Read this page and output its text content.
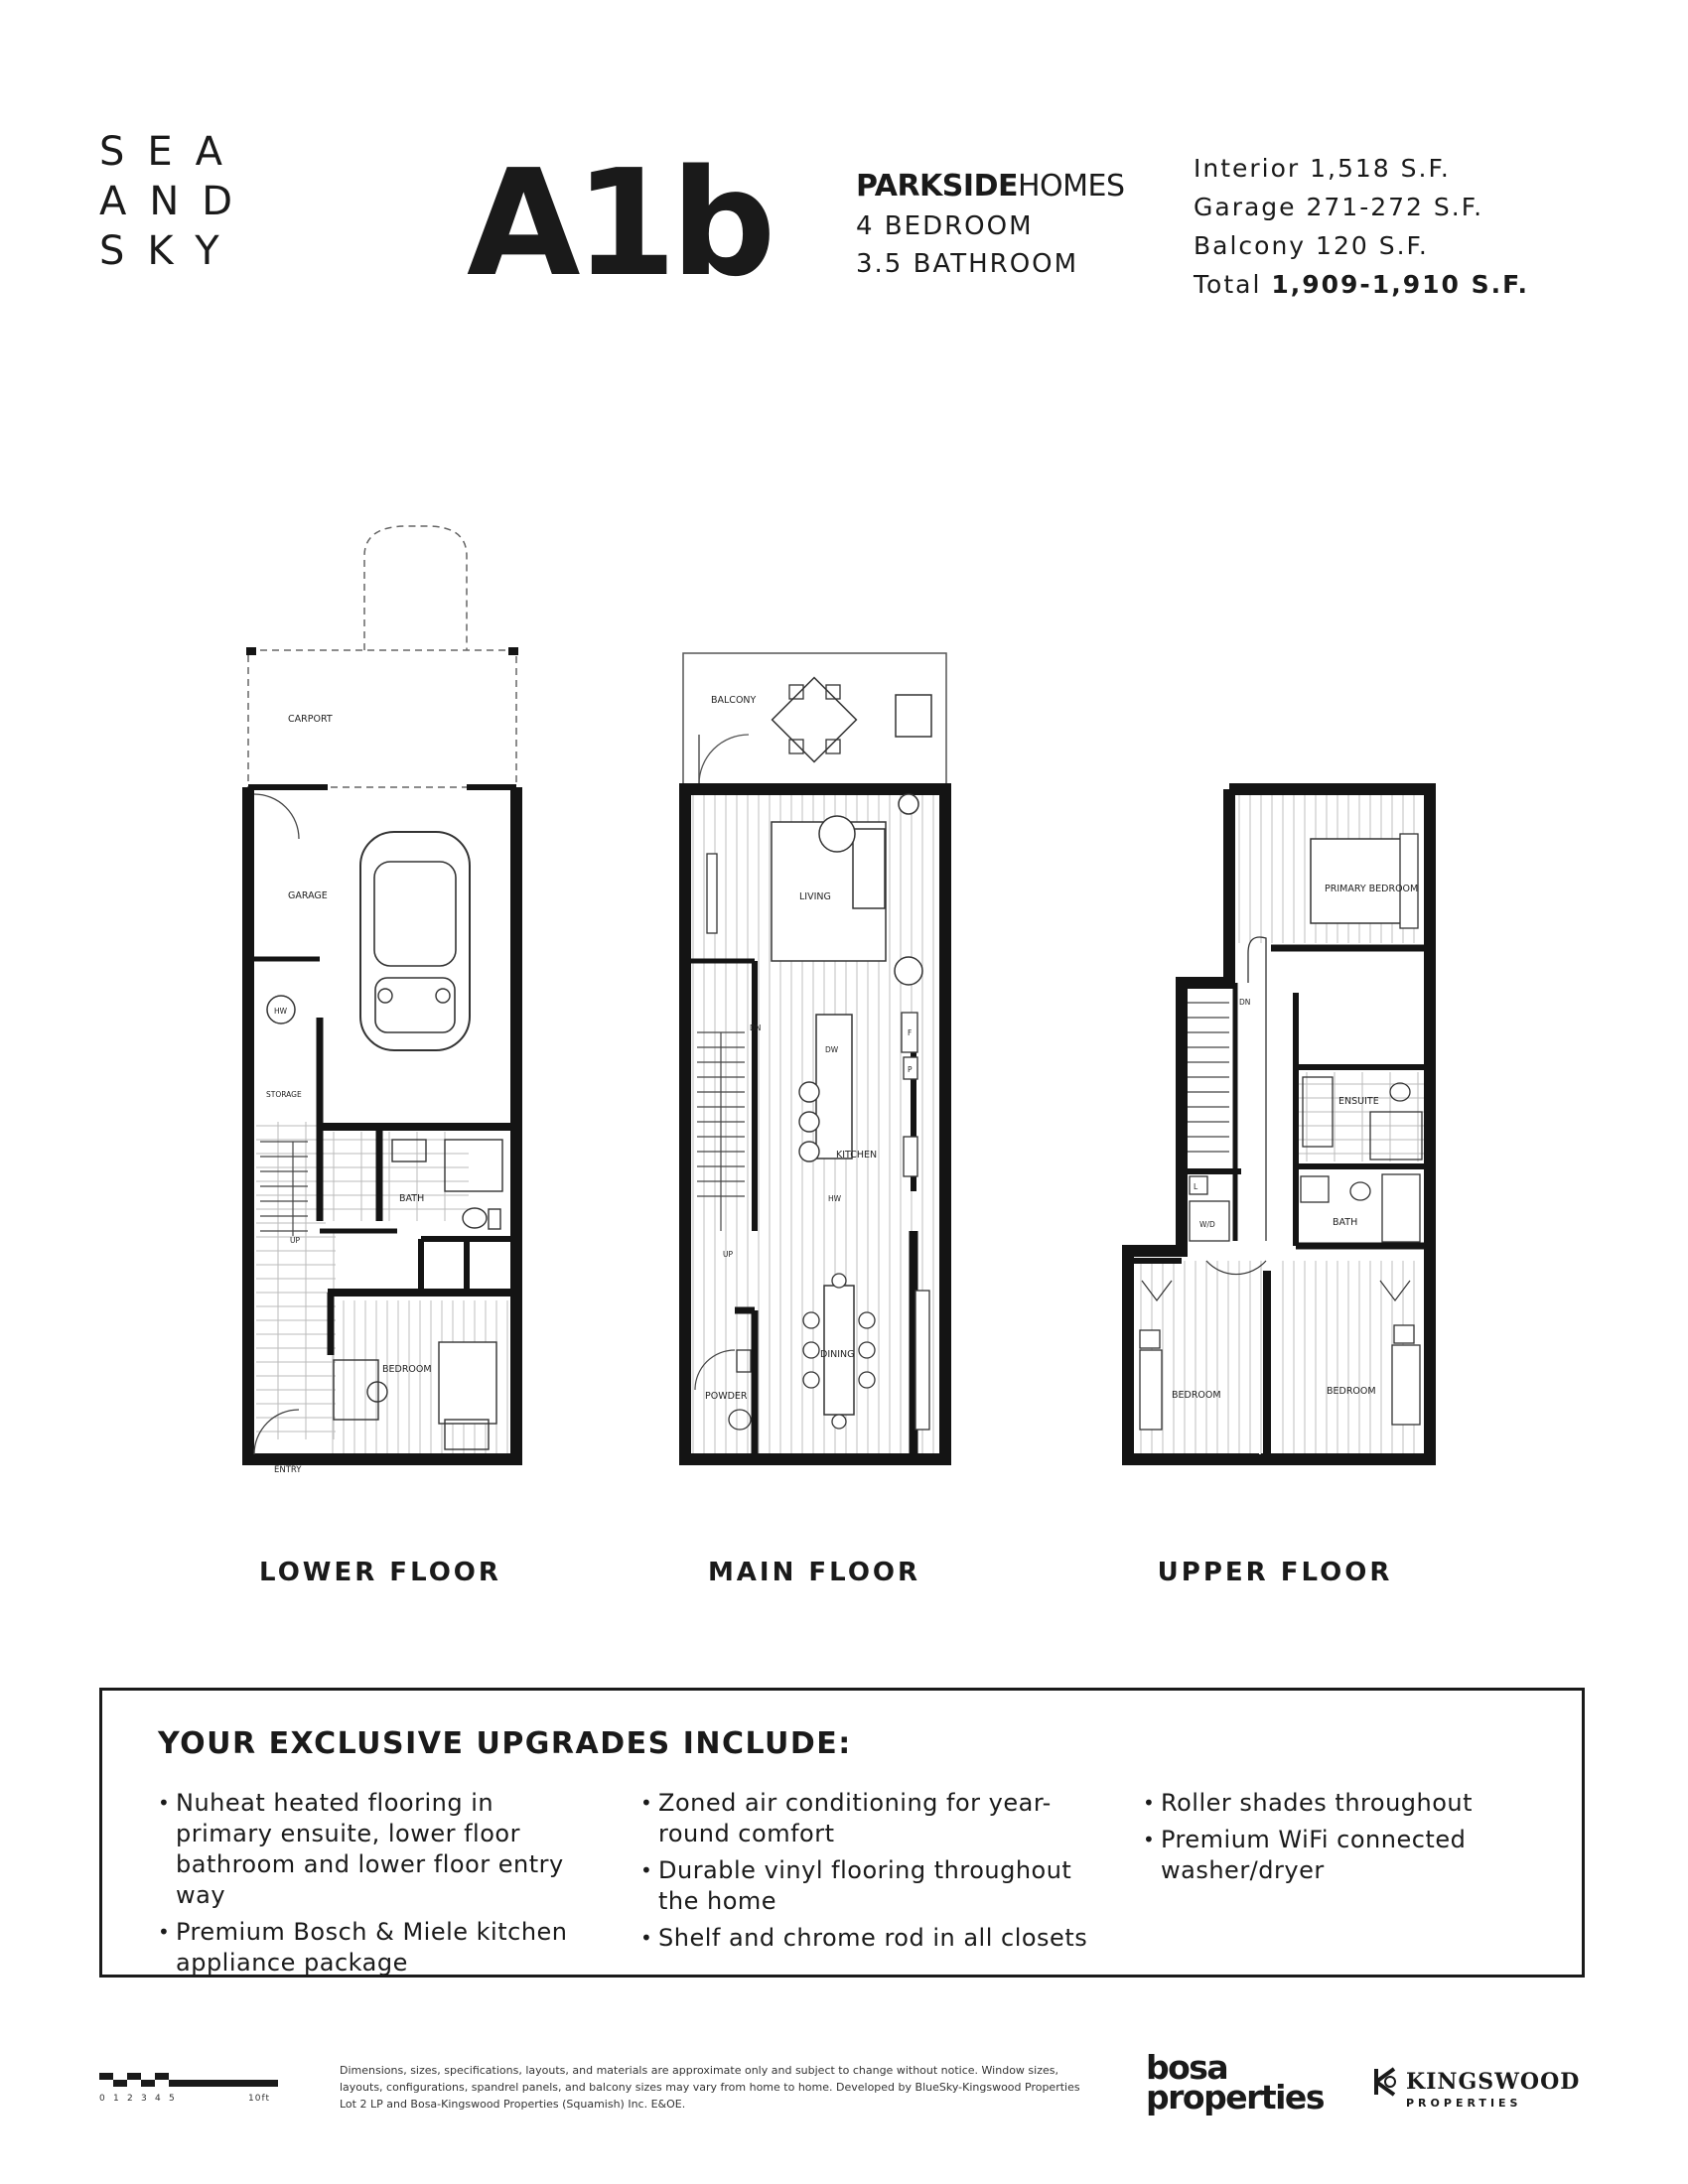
SEA
AND
SKY A1b	PARKSIDEHOMES
4 BEDROOM
3.5 BATHROOM
Interior 1,518 S.F.
Garage 271-272 S.F.
Balcony 120 S.F.
Total 1,909-1,910 S.F.
CARPORT
GARAGE
HW
STORAGE
BATH
UP
BEDROOM
ENTRY
BALCONY
LIVING
DN
DW
F
P
KITCHEN
HW
UP
DINING
POWDER
PRIMARY BEDROOM
DN
ENSUITE
L
W/D	BATH
BEDROOM	BEDROOM
LOWER FLOOR	MAIN FLOOR	UPPER FLOOR
YOUR EXCLUSIVE UPGRADES INCLUDE:
• Nuheat heated flooring in primary ensuite, lower floor bathroom and lower floor entry way
• Premium Bosch & Miele kitchen appliance package
• Zoned air conditioning for year-round comfort
• Durable vinyl flooring throughout the home
• Shelf and chrome rod in all closets
• Roller shades throughout
• Premium WiFi connected washer/dryer
0 1 2 3 4 5	10ft
Dimensions, sizes, specifications, layouts, and materials are approximate only and subject to change without notice. Window sizes, layouts, configurations, spandrel panels, and balcony sizes may vary from home to home. Developed by BlueSky-Kingswood Properties Lot 2 LP and Bosa-Kingswood Properties (Squamish) Inc. E&OE.
bosa
properties	KINGSWOOD
PROPERTIES
